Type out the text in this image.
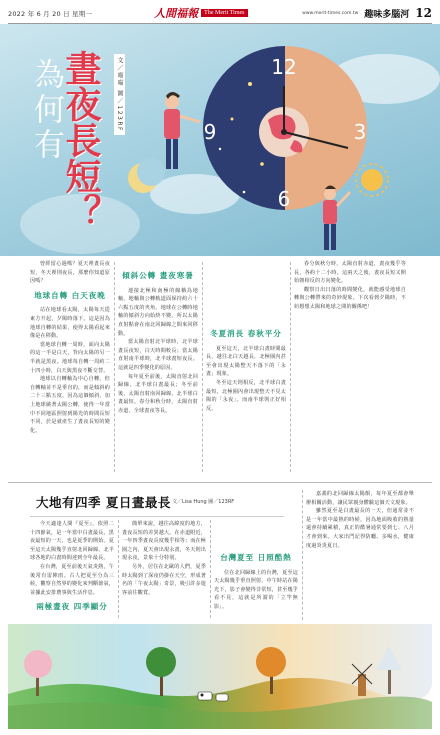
2022 年 6 月 20 日 星期一	人間福報	The Merit Times	www.merit-times.com.tw 趣味多腦河 12
12
3
6
9
為何有
晝夜長短？	文／喵喵 圖／123RF

曾經留心過嗎？夏天裡晝長夜短，冬天裡則夜長，那麼你知道原因嗎？

地球自轉 白天夜晚

站在地球看太陽，太陽每天從東方升起，夕陽時落下。這是因為地球自轉的結果，使得太陽看起來像是在移動。

當地球自轉一周時，面向太陽的這一半是白天，背向太陽的另一半就是黑夜。地球每自轉一周約二十四小時，白天與黑夜不斷交替。

地球以自轉軸為中心自轉，但自轉軸並不是垂直的，而是傾斜約二十三點五度。因為這個傾斜，加上地球繞著太陽公轉，使得一年當中不同地區照射到陽光的時間長短不同，於是就產生了晝夜長短的變化。

傾斜公轉 晝夜寒暑

連接北極和南極的線稱為地軸，地軸與公轉軌道面保持約六十六點五度的夾角。地球在公轉時地軸的傾斜方向始終不變，所以太陽直射點會在南北回歸線之間來回移動。

當太陽直射北半球時，北半球晝長夜短，白天時間較長；當太陽直射南半球時，北半球晝短夜長。這就是四季變化的原因。

每年夏至前後，太陽直射北回歸線，北半球白晝最長；冬至前後，太陽直射南回歸線，北半球白晝最短。春分和秋分時，太陽直射赤道，全球晝夜等長。

冬夏消長 春秋平分

夏至這天，北半球白晝時間最長，越往北白天越長，北極圈內甚至會出現太陽整天不落下的「永晝」現象。

冬至這天則相反，北半球白晝最短，北極圈內會出現整天不見太陽的「永夜」。而南半球則正好相反。

春分與秋分時，太陽直射赤道，晝夜幾乎等長，各約十二小時。這兩天之後，晝夜長短又開始朝相反的方向變化。

觀察日出日落的時間變化，就能感受地球自轉與公轉帶來的奇妙現象。下次看到夕陽時，不妨想想太陽和地球之間的關係吧！

大地有四季 夏日晝最長 文／Lisa Hung 圖／123RF

今天適逢人間『夏至』，依照二十四節氣，是一年當中白晝最長、黑夜最短的一天，也是夏季的開始。夏至這天太陽幾乎直射北回歸線，北半球各地的白晝時間達到全年最長。

在台灣，夏至前後天氣炎熱，午後常有雷陣雨。古人把夏至分為三候，觀察自然界的變化來判斷節氣，並據此安排農事與生活作息。

兩極晝夜 四季顯分

簡單來說，越往高緯度的地方，晝夜長短的差異越大。在赤道附近，一年四季晝夜長度幾乎相等；而在極圈之內，夏天會出現永晝，冬天則出現永夜，景象十分特別。

另外，居住在北歐的人們，夏季時太陽到了深夜仍掛在天空，形成著名的「午夜太陽」奇景，吸引許多遊客前往觀賞。

台灣夏至 日照酷熱

位在北回歸線上的台灣，夏至這天太陽幾乎垂直照射，中午時站在陽光下，影子會變得非常短，甚至幾乎看不見，這就是所謂的「立竿無影」。

嘉義的北回歸線太陽館，每年夏至都會舉辦相關活動，讓民眾親身體驗這個天文現象。

雖然夏至是白晝最長的一天，但通常並不是一年當中最熱的時候，因為地面吸收的熱量還會持續累積，真正的酷暑通常要到七、八月才會到來。大家出門記得防曬、多喝水，健康度過炎炎夏日。
